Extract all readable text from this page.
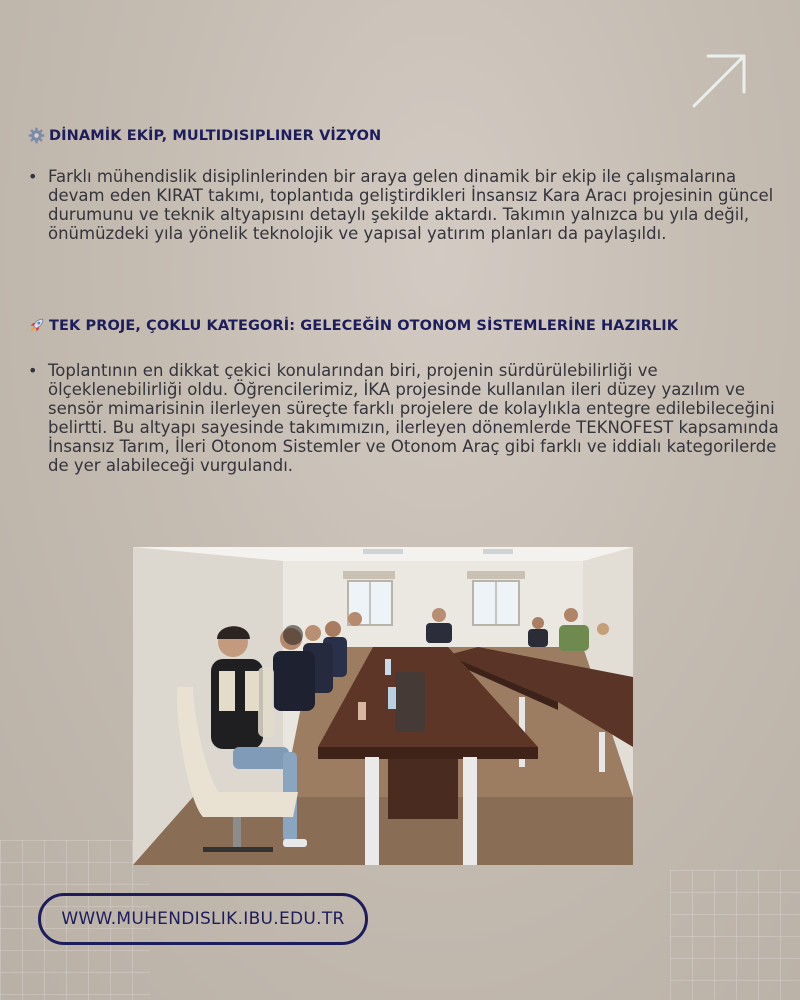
DİNAMİK EKİP, MULTIDISIPLINER VİZYON
• Farklı mühendislik disiplinlerinden bir araya gelen dinamik bir ekip ile çalışmalarına devam eden KIRAT takımı, toplantıda geliştirdikleri İnsansız Kara Aracı projesinin güncel durumunu ve teknik altyapısını detaylı şekilde aktardı. Takımın yalnızca bu yıla değil, önümüzdeki yıla yönelik teknolojik ve yapısal yatırım planları da paylaşıldı.
TEK PROJE, ÇOKLU KATEGORİ: GELECEĞİN OTONOM SİSTEMLERİNE HAZIRLIK
• Toplantının en dikkat çekici konularından biri, projenin sürdürülebilirliği ve ölçeklenebilirliği oldu. Öğrencilerimiz, İKA projesinde kullanılan ileri düzey yazılım ve sensör mimarisinin ilerleyen süreçte farklı projelere de kolaylıkla entegre edilebileceğini belirtti. Bu altyapı sayesinde takımımızın, ilerleyen dönemlerde TEKNOFEST kapsamında İnsansız Tarım, İleri Otonom Sistemler ve Otonom Araç gibi farklı ve iddialı kategorilerde de yer alabileceği vurgulandı.
WWW.MUHENDISLIK.IBU.EDU.TR
